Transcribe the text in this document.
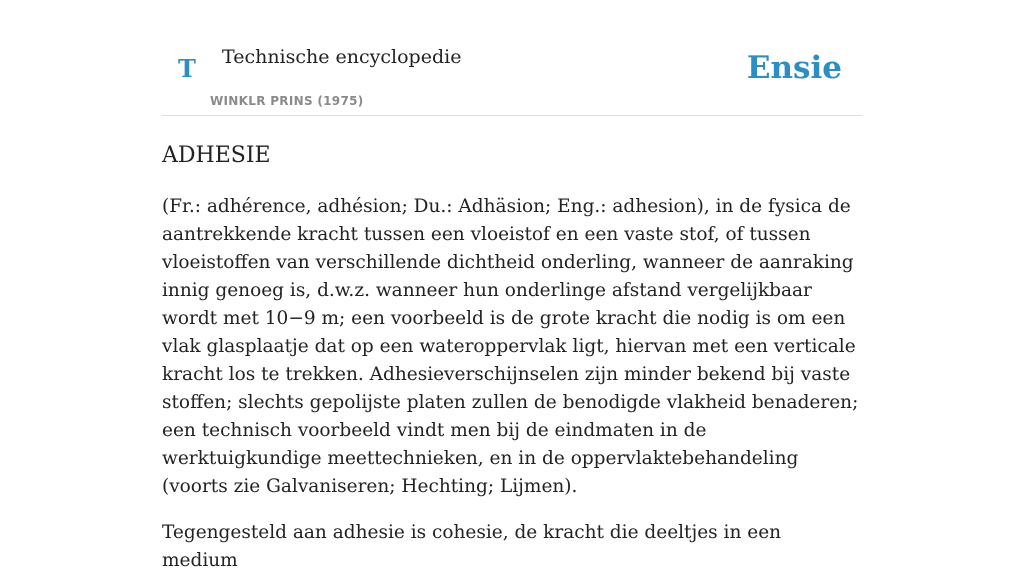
T Technische encyclopedie
WINKLR PRINS (1975)
Ensie
ADHESIE

(Fr.: adhérence, adhésion; Du.: Adhäsion; Eng.: adhesion), in de fysica de aantrekkende kracht tussen een vloeistof en een vaste stof, of tussen vloeistoffen van verschillende dichtheid onderling, wanneer de aanraking innig genoeg is, d.w.z. wanneer hun onderlinge afstand vergelijkbaar wordt met 10−9 m; een voorbeeld is de grote kracht die nodig is om een vlak glasplaatje dat op een wateroppervlak ligt, hiervan met een verticale kracht los te trekken. Adhesieverschijnselen zijn minder bekend bij vaste stoffen; slechts gepolijste platen zullen de benodigde vlakheid benaderen; een technisch voorbeeld vindt men bij de eindmaten in de werktuigkundige meettechnieken, en in de oppervlaktebehandeling (voorts zie Galvaniseren; Hechting; Lijmen).

Tegengesteld aan adhesie is cohesie, de kracht die deeltjes in een medium
